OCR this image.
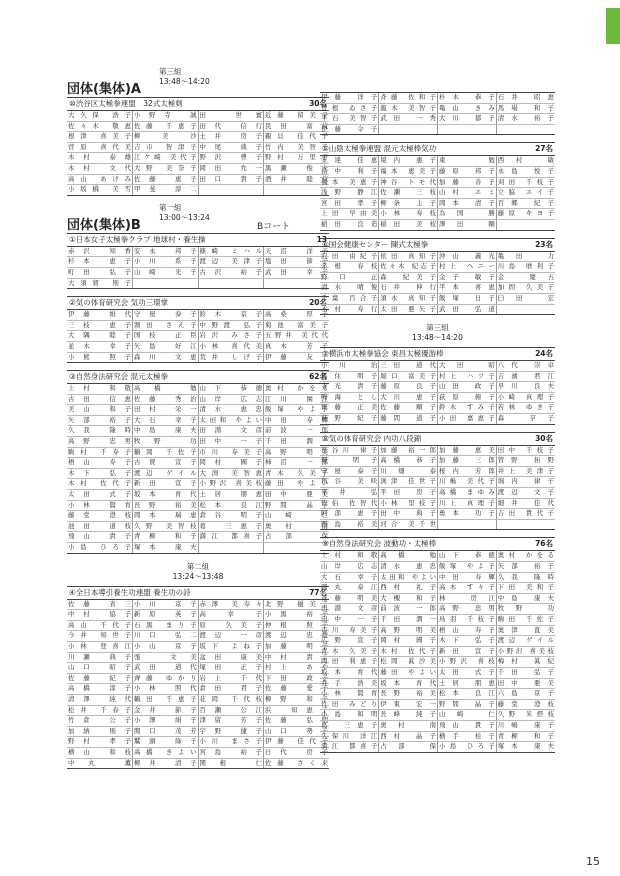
団体(集体)A
第三組
13:48～14:20
⑩渋谷区太極拳連盟　32式太極剣	30名
大久保 浩子	小野寺 誠	田 世賓	近藤 留美子
佐々木 敬恵	佐藤 千恵子	田代 信行	民田 富枝
根津 喜美子	柳 美 沙	土井 房子	親貝 佳代子
菅原 喜代美	吉市 智津子	中尾 典子	竹内 美智子
木村 泰雄	江ケ崎 美代子	野沢 豊子	野村 万里子
木村 文代	大野 美奈子	岡田 允一	黒瀬 俊夫
高山 あけみ	佐藤 恵子	田口 貴子	酒井 睦枝
小坂橋 美雪	甲斐 淳二		
団体(集体)B
第一組
13:00～13:24
Bコート
①日本女子太極拳クラブ 地球村・養生操	13
赤沢 知香	安永 邦子	篠崎 ミハル	天沼 洋子
杉本 恵子	小川 系子	渡辺 美津子	塩田 節子
町田 弘子	山崎 光子	古沢 裕子	武田 幸子
大須賀 則子			
②気の体育研究会 気功三環掌	20名
伊藤 絹代	守屋 泰子	鈴木 京子	高桑 厚子
三枝 恵子	割田 さえ子	中野渡 弘子	菊池 富美子
大隅 睦子	国枝 正臣	岩沢 みさ子	五野井 美代代
並木 幸子	矢島 好江	小林 喜代美	真木 芳子
小熊 照子	森川 文恵	荒井 しげ子	伊藤 友子
③自然身法研究会 混元太極拳	62名
上村 和敬	高橋 勉	山下 恭徳	奥村 かをる
古田 信恵	佐藤 秀治	山岸 広志	江川 園江
美山 和子	田村 栄一	清水 恵忠	飯塚 やよ子
矢部 裕子	大石 幸子	太田和 やよい	中田 寿輝
久我 隆時	中島 康夫	田淵 文彦	前波 一郎
高野 忠男	牧野 功	田中 一子	千田 潤一
駒村 千寿子	鶴岡 千佐子	市川 寿美子	高野 明美
梧山 寿子	古賀 宣子	岡村 國子	柿沼 一郎
木下 弘子	渡辺 ゲイル	大渕 美智恵	青木 久美子
木村 佐代子	新田 宣子	小野沢 喜美枝	藤田 やよい
太田 式子	坂本 育代	土居 朋恵	田中 亜美
小林 賢育	長野 裕美	松本 良江	野間 晶子
藤堂 澄枝	岡本 瑞恵	倉谷 明子	山崎 仁
池田 道枝	久野 美智枝	葛 三恵子	奥村 南
飛山 貴子	青柳 和子	満江 都喜子	占部 保
小島 ひろ子	塚本 康夫		
第二組
13:24～13:48
④全日本導引養生功連盟 養生功の詩	77名
佐藤 省三	小川 京子	赤澤 美寿々	北野 優美子
中村 協子	新原 英子	高 幸 子	小黒 裕子
高山 千代子	石黒 まり子	原 久美子	仲根 照子
今井 知世子	川口 弘二	渡辺 一彦	渡辺 忠雄
小林 登喜江	小山 京子	坂下 よね子	加藤 明子
川瀬 典子	張 文美	盆田 康美	中村 貴子
山口 昭子	武田 道代	塚田 正子	村上 あや
佐藤 紀子	齊藤 ゆかり	岩上 千代	下田 政子
高橋 淳子	小林 照代	倉田 君子	佐藤 愛子
清澤 純代	鶴田 千恵子	花岡 千代枝	柳野 和子
松井 千春子	金井 節子	百瀬 公江	浜 知恵子
竹倉 公子	小澤 絹子	津留 芳子	佐藤 弘明
加納 則子	関口 茂芳	宇野 捷子	山口 勢子
野村 孝子	鷲頭 綠子	小川 まさ子	伊藤 佳代子
横山 和枝	高橋 きよい	宮島 裕子	日代 房子
中丸 薫	柳井 清子	関根 仁	佐藤 さく来
伊藤 洋子	斉藤 佐和子	朴木 恭子	石井 昭恵
曽根 ゐさ子	龍木 美智子	亀山 きみ	馬場 和子
平石 美智子	武田 一秀	大川 郁子	清水 裕子
伊藤 令子			
⑤山陰太極拳連盟 混元太極棒気功	27名
安達 佳恵	境内 惠子	東 勉	西村 敏
畠中 利子	福本 恵美子	藤原 邦子	永島 悦子
福本 美恵子	神谷 トモ代	加藤 善子	刈田 千枝子
浅野 静江	佐瀬 三枝	山村 エミ	立脇 エイ子
宮田 孝子	柳条 主子	岡本 清子	百郷 紀子
上田 早由美	小林 寿枝	為国 勝	藤原 キヨ子
稲田 良造	稲田 美枝	澤田 剛	
⑥国会健康センター 陳式太極拳	23名
沢田 由紀子	依田 真知子	沖山 義光	亀田 力
茅根 春枝	佐々木 紀志子	村上 ヘニー	川島 磨利子
野口 正	森 紀美子	金子 敏子	金 慶五
清水 晴俊	石井 伸行	平本 喜恵	加固 久美子
千葉 百合子	須永 真知子	飯塚 日子	臼田 宏
木村 寿行	太田 亜矢子	武田 弘道	
第三組
13:48～14:20
⑦横浜市太極拳協会 東昌太極優游棒	24名
小川 治	三田 道代	大田 昭	八代 崇卓
黒住 明子	堀口 富美子	村上 ハツ子	吉濱 君江
寺光 貴子	藤原 良子	山田 政子	早川 良夫
鳴海 とし	大川 恵子	荻原 俯子	小崎 真理子
後藤 正美	佐藤 順子	鈴木 すみ子	若林 ゆき子
萩野 紀子	藤間 道子	小田 嘉恵子	森 亨子
⑧気の体育研究会 内功八段錦	30名
長谷川 律子	加藤 裕一郎	加藤 恵美	田中 千枝子
畑 明子	高橋 恭子	加藤 三郎	管野 拓野
守屋 泰子	川畑 泰	桜内 芳郎	井上 美津子
角谷 美咲	渕津 佳世子	川嶋 美代子	堀内 律子
平井 弘	平田 房子	高橋 まゆみ	渡辺 文子
佐伯 佐智代	小林 里枝子	川上 真理子	細井 佳代
阿部 恵子	田中 典子	勇本 功子	吉田 貴代子
西島 裕美	河合 美千世		
⑨自然身法研究会 波動功・太極棒	76名
上村 和敬	高橋 勉	山下 恭徳	奥村 かをる
山岸 広志	清水 恵忠	飯塚 やよ子	矢部 裕子
大石 幸子	太田和 やよい	中田 寿輝	久我 隆時
岡丸 泰江	西村 礼子	高木 す々子	下田 美和子
斎藤 明美	大槻 和子	林 房江	中島 康夫
田淵 文彦	前波 一郎	高野 忠男	牧野 功
田中 一子	千田 潤一	鳥羽 千枝子	駒田 千佐子
市川 寿美子	高野 明美	梧山 寿子	奥津 直美
広野 宣子	岡村 國子	木下 弘子	渡辺 ゲイル
青木 久美子	木村 佐代子	新田 宣子	小野沢 喜美枝
岡田 利恵子	松岡 眞沙美	小野沢 喜枝	梅村 眞紀
坂本 育代	藤田 やよい	太田 式子	千田 弘子
井手 浩美	坂本 育代	土居 朋恵	田中 亜美
小林 賢育	長野 裕美	松本 良江	六島 京子
竹田 みどり	伊東 宏一	野間 晶子	藤堂 澄枝
小島 和明	長峰 純子	山崎 仁	久野 米摂枝
葛 三恵子	奥村 南	飛山 貴子	川嶋 康子
久保川 洋江	西村 晶子	横手 桂子	青柳 和子
満江 都喜子	占部 保	小島 ひろ子	塚本 康夫
15
